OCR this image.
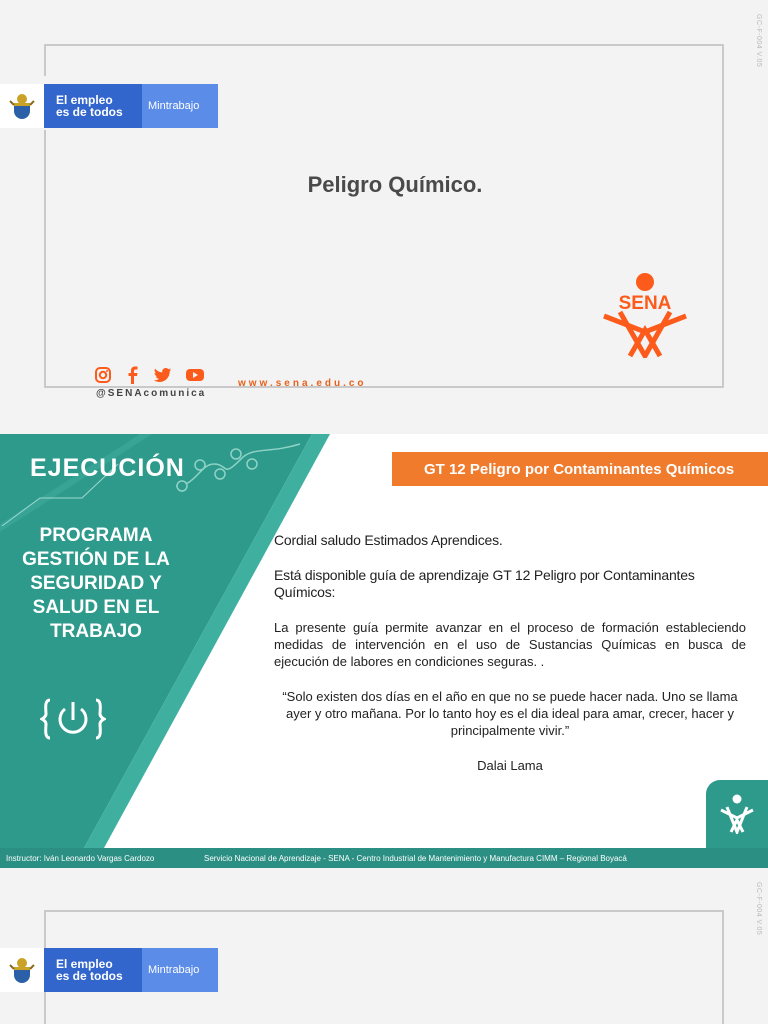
GC-F-004 V.05
El empleo
es de todos	Mintrabajo
Peligro Químico.
SENA
@SENAcomunica
www.sena.edu.co
EJECUCIÓN
PROGRAMA
GESTIÓN DE LA
SEGURIDAD Y
SALUD EN EL
TRABAJO
GT 12 Peligro por Contaminantes Químicos

Cordial saludo Estimados Aprendices.

Está disponible guía de aprendizaje GT 12 Peligro por Contaminantes Químicos:

La presente guía permite avanzar en el proceso de formación estableciendo medidas de intervención en el uso de Sustancias Químicas en busca de ejecución de labores en condiciones seguras. .

“Solo existen dos días en el año en que no se puede hacer nada. Uno se llama ayer y otro mañana. Por lo tanto hoy es el dia ideal para amar, crecer, hacer y principalmente vivir.”

Dalai Lama

Instructor: Iván Leonardo Vargas Cardozo	Servicio Nacional de Aprendizaje - SENA - Centro Industrial de Mantenimiento y Manufactura CIMM – Regional Boyacá
GC-F-004 V.05
El empleo
es de todos	Mintrabajo
